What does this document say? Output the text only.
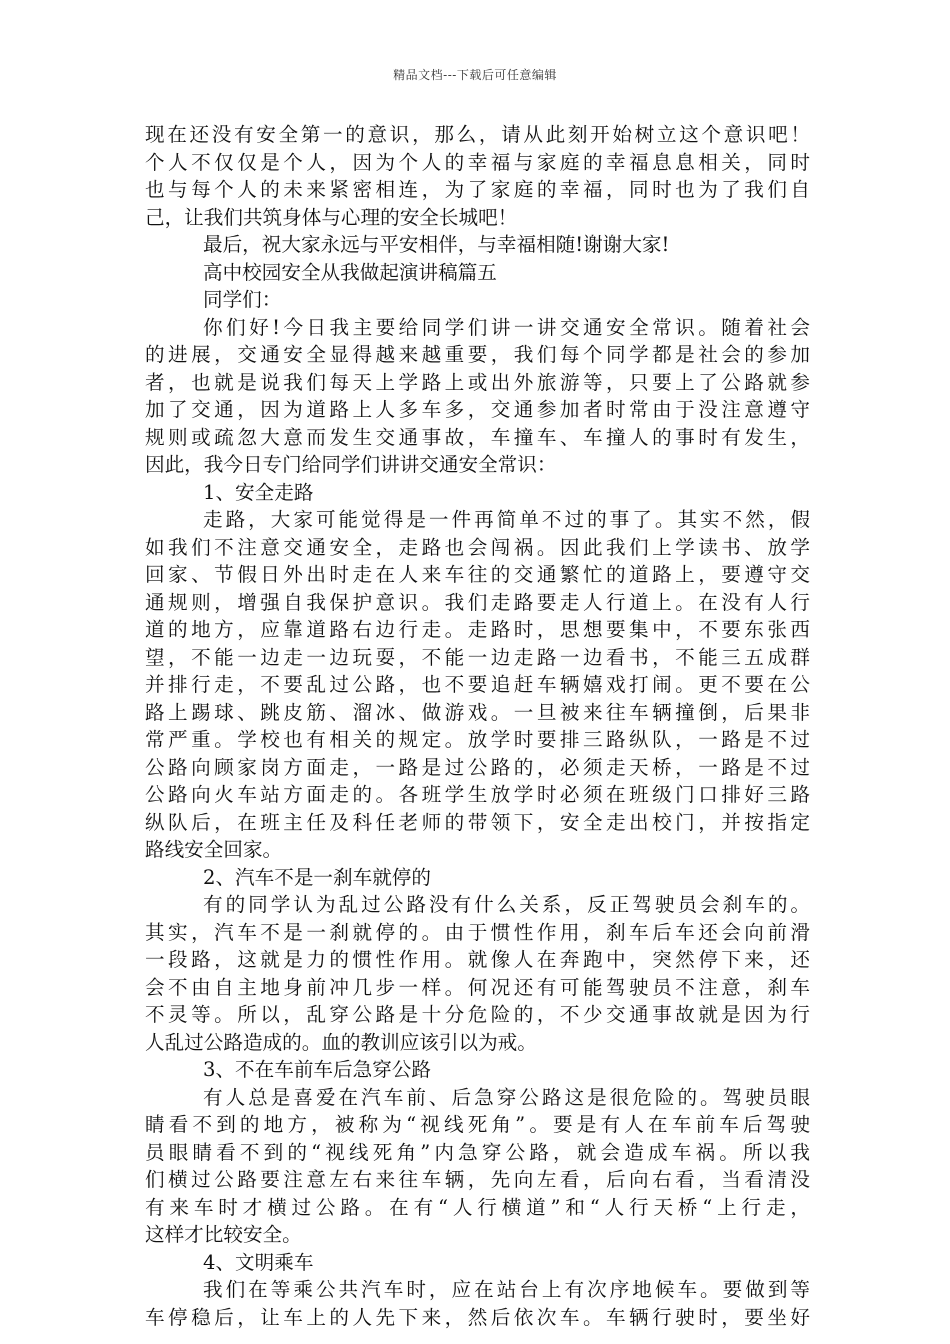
精品文档---下载后可任意编辑
现在还没有安全第一的意识，那么，请从此刻开始树立这个意识吧！
个人不仅仅是个人，因为个人的幸福与家庭的幸福息息相关，同时
也与每个人的未来紧密相连，为了家庭的幸福，同时也为了我们自
己，让我们共筑身体与心理的安全长城吧！
最后，祝大家永远与平安相伴，与幸福相随!谢谢大家!
高中校园安全从我做起演讲稿篇五
同学们：
你们好!今日我主要给同学们讲一讲交通安全常识。随着社会
的进展，交通安全显得越来越重要，我们每个同学都是社会的参加
者，也就是说我们每天上学路上或出外旅游等，只要上了公路就参
加了交通，因为道路上人多车多，交通参加者时常由于没注意遵守
规则或疏忽大意而发生交通事故，车撞车、车撞人的事时有发生，
因此，我今日专门给同学们讲讲交通安全常识：
1、安全走路
走路，大家可能觉得是一件再简单不过的事了。其实不然，假
如我们不注意交通安全，走路也会闯祸。因此我们上学读书、放学
回家、节假日外出时走在人来车往的交通繁忙的道路上，要遵守交
通规则，增强自我保护意识。我们走路要走人行道上。在没有人行
道的地方，应靠道路右边行走。走路时，思想要集中，不要东张西
望，不能一边走一边玩耍，不能一边走路一边看书，不能三五成群
并排行走，不要乱过公路，也不要追赶车辆嬉戏打闹。更不要在公
路上踢球、跳皮筋、溜冰、做游戏。一旦被来往车辆撞倒，后果非
常严重。学校也有相关的规定。放学时要排三路纵队，一路是不过
公路向顾家岗方面走，一路是过公路的，必须走天桥，一路是不过
公路向火车站方面走的。各班学生放学时必须在班级门口排好三路
纵队后，在班主任及科任老师的带领下，安全走出校门，并按指定
路线安全回家。
2、汽车不是一刹车就停的
有的同学认为乱过公路没有什么关系，反正驾驶员会刹车的。
其实，汽车不是一刹就停的。由于惯性作用，刹车后车还会向前滑
一段路，这就是力的惯性作用。就像人在奔跑中，突然停下来，还
会不由自主地身前冲几步一样。何况还有可能驾驶员不注意，刹车
不灵等。所以，乱穿公路是十分危险的，不少交通事故就是因为行
人乱过公路造成的。血的教训应该引以为戒。
3、不在车前车后急穿公路
有人总是喜爱在汽车前、后急穿公路这是很危险的。驾驶员眼
睛看不到的地方，被称为“视线死角”。要是有人在车前车后驾驶
员眼睛看不到的“视线死角”内急穿公路，就会造成车祸。所以我
们横过公路要注意左右来往车辆，先向左看，后向右看，当看清没
有来车时才横过公路。在有“人行横道”和“人行天桥“上行走，
这样才比较安全。
4、文明乘车
我们在等乘公共汽车时，应在站台上有次序地候车。要做到等
车停稳后，让车上的人先下来，然后依次车。车辆行驶时，要坐好
